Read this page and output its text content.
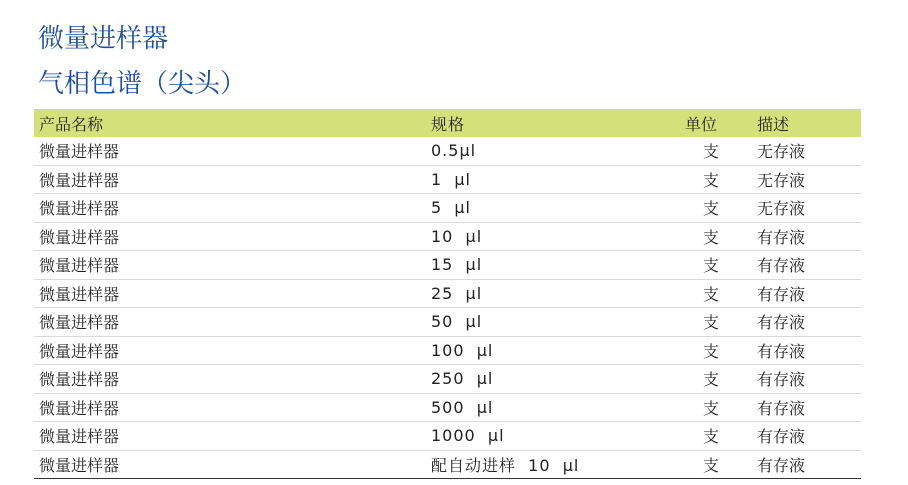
微量进样器
气相色谱（尖头）
产品名称	规格	单位	描述
微量进样器	0.5μl	支	无存液
微量进样器	1  μl	支	无存液
微量进样器	5  μl	支	无存液
微量进样器	10  μl	支	有存液
微量进样器	15  μl	支	有存液
微量进样器	25  μl	支	有存液
微量进样器	50  μl	支	有存液
微量进样器	100  μl	支	有存液
微量进样器	250  μl	支	有存液
微量进样器	500  μl	支	有存液
微量进样器	1000  μl	支	有存液
微量进样器	配自动进样  10  μl	支	有存液
